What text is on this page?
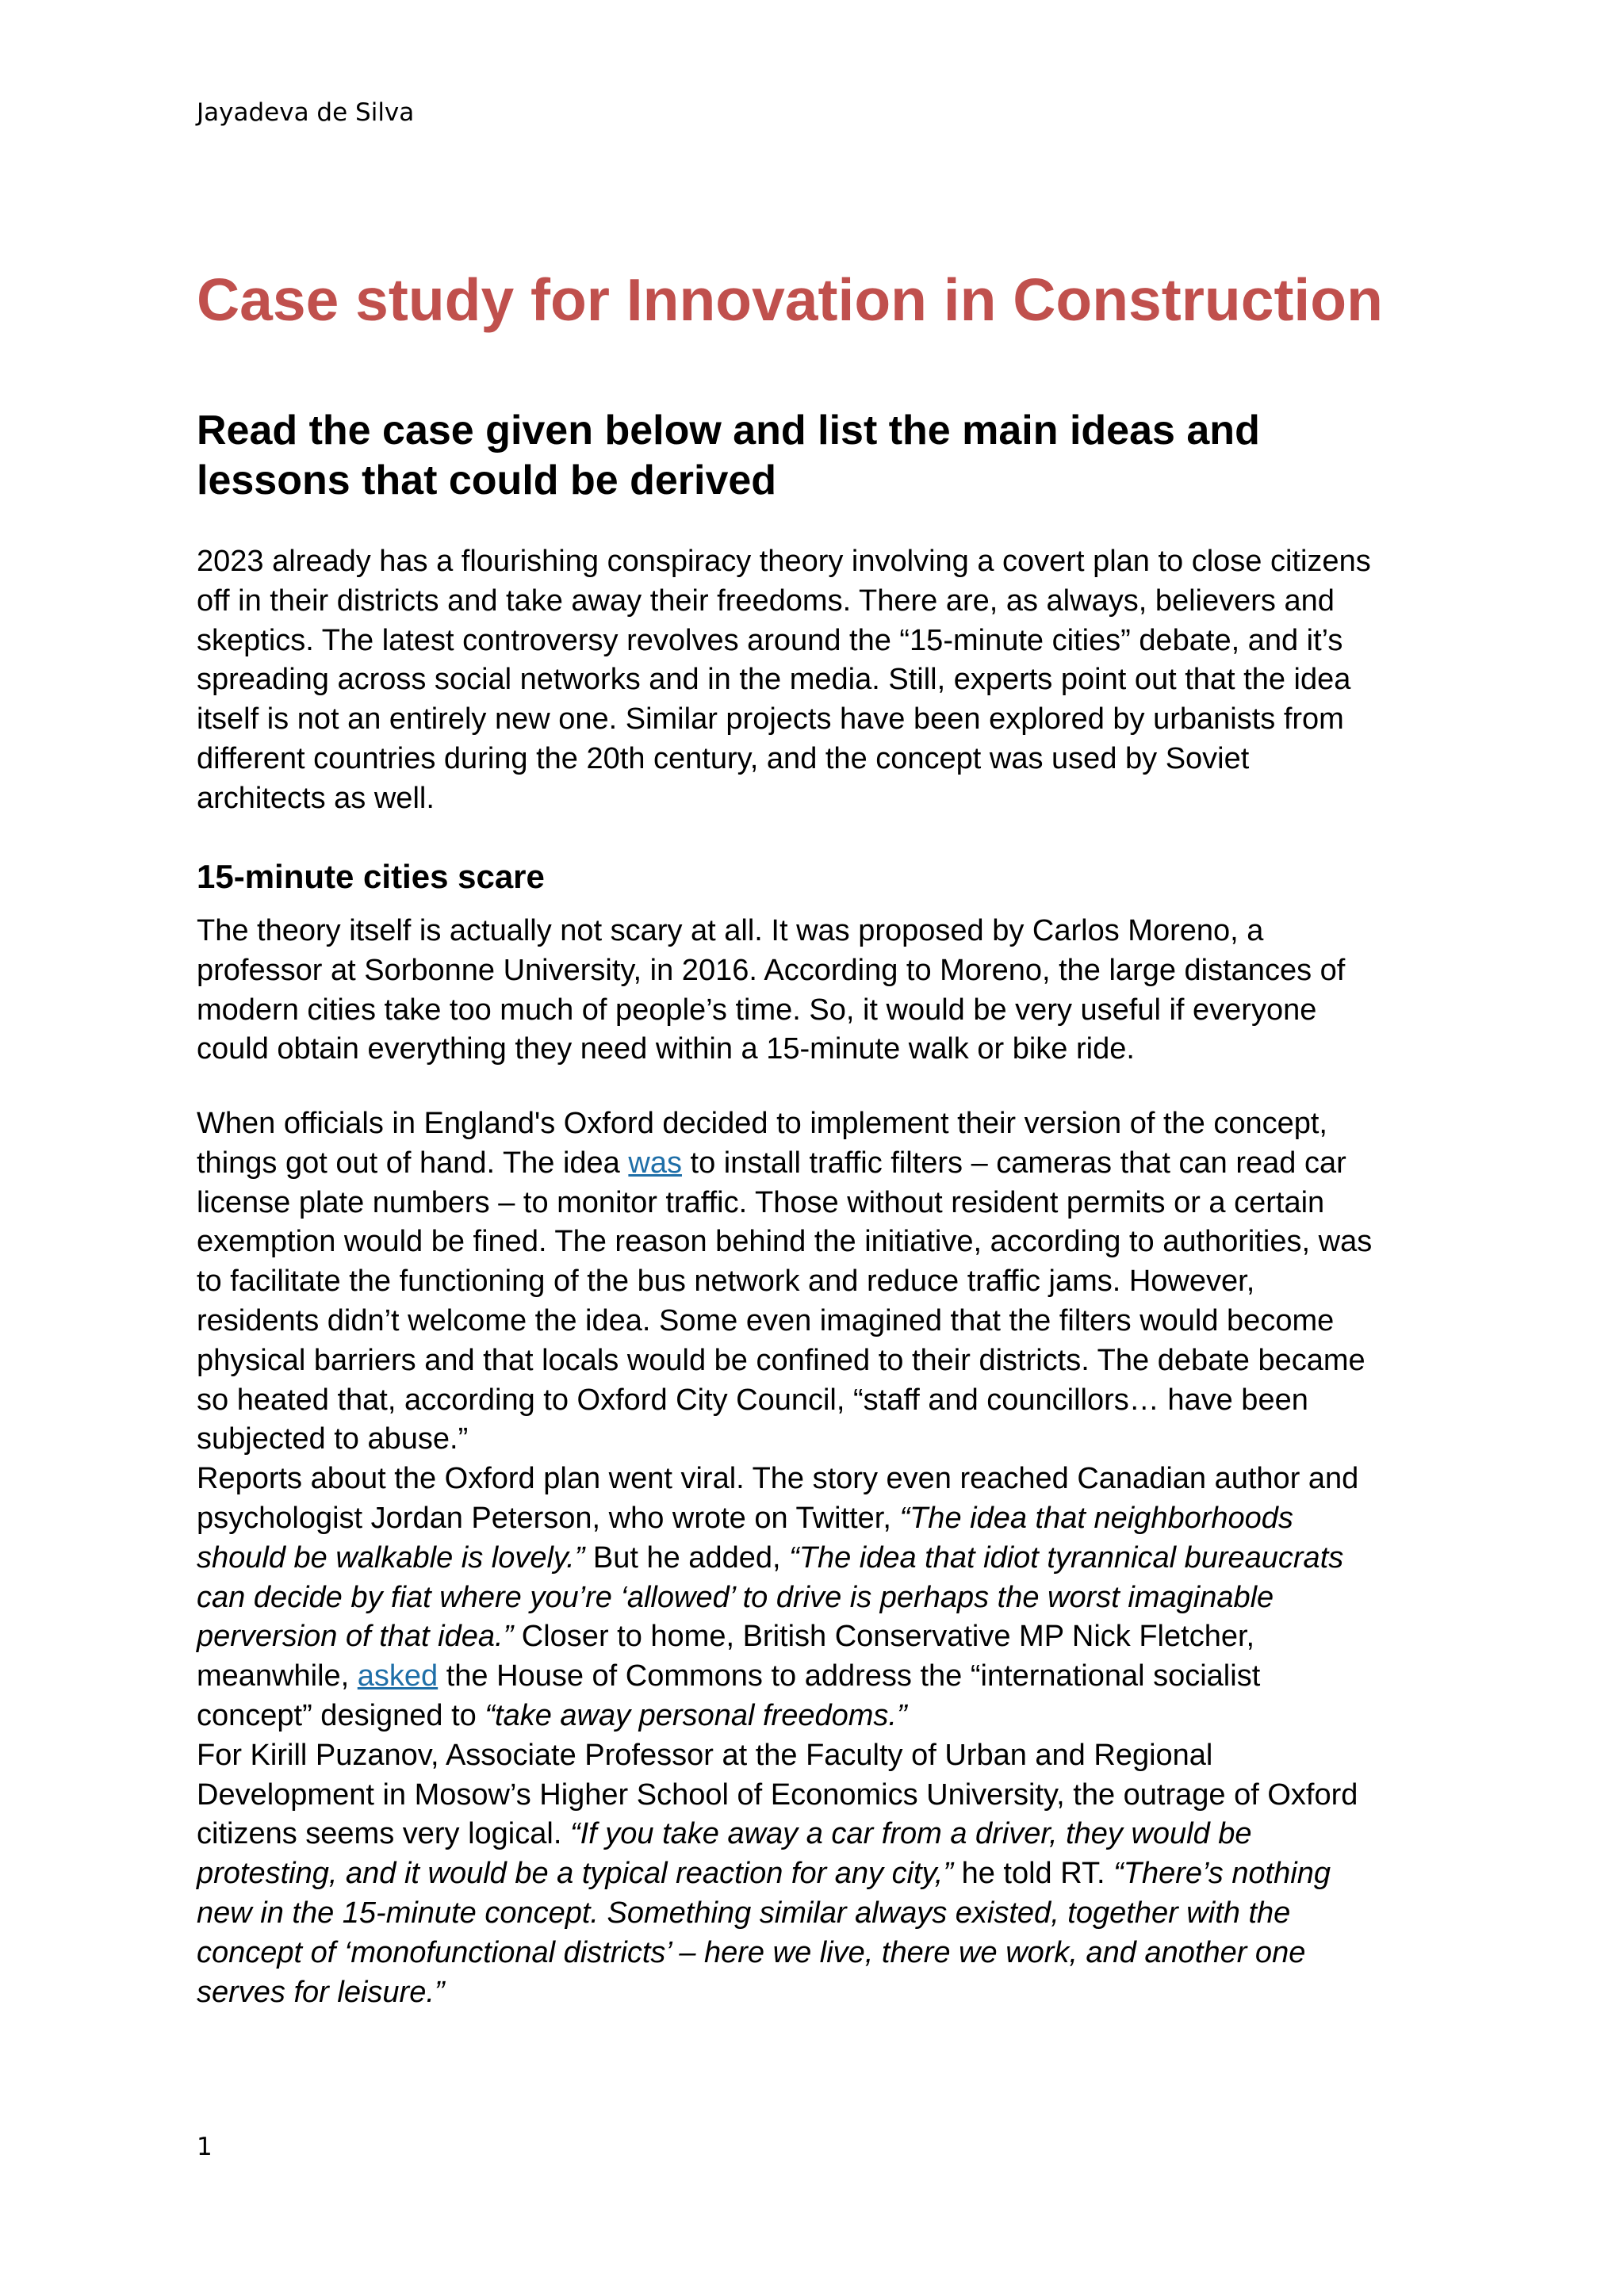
Jayadeva de Silva
Case study for Innovation in Construction
Read the case given below and list the main ideas and
lessons that could be derived

2023 already has a flourishing conspiracy theory involving a covert plan to close citizens
off in their districts and take away their freedoms. There are, as always, believers and
skeptics. The latest controversy revolves around the “15-minute cities” debate, and it’s
spreading across social networks and in the media. Still, experts point out that the idea
itself is not an entirely new one. Similar projects have been explored by urbanists from
different countries during the 20th century, and the concept was used by Soviet
architects as well.

15-minute cities scare

The theory itself is actually not scary at all. It was proposed by Carlos Moreno, a
professor at Sorbonne University, in 2016. According to Moreno, the large distances of
modern cities take too much of people’s time. So, it would be very useful if everyone
could obtain everything they need within a 15-minute walk or bike ride.

When officials in England's Oxford decided to implement their version of the concept,
things got out of hand. The idea was to install traffic filters – cameras that can read car
license plate numbers – to monitor traffic. Those without resident permits or a certain
exemption would be fined. The reason behind the initiative, according to authorities, was
to facilitate the functioning of the bus network and reduce traffic jams. However,
residents didn’t welcome the idea. Some even imagined that the filters would become
physical barriers and that locals would be confined to their districts. The debate became
so heated that, according to Oxford City Council, “staff and councillors… have been
subjected to abuse.”
Reports about the Oxford plan went viral. The story even reached Canadian author and
psychologist Jordan Peterson, who wrote on Twitter, “The idea that neighborhoods
should be walkable is lovely.” But he added, “The idea that idiot tyrannical bureaucrats
can decide by fiat where you’re ‘allowed’ to drive is perhaps the worst imaginable
perversion of that idea.” Closer to home, British Conservative MP Nick Fletcher,
meanwhile, asked the House of Commons to address the “international socialist
concept” designed to “take away personal freedoms.”
For Kirill Puzanov, Associate Professor at the Faculty of Urban and Regional
Development in Mosow’s Higher School of Economics University, the outrage of Oxford
citizens seems very logical. “If you take away a car from a driver, they would be
protesting, and it would be a typical reaction for any city,” he told RT. “There’s nothing
new in the 15-minute concept. Something similar always existed, together with the
concept of ‘monofunctional districts’ – here we live, there we work, and another one
serves for leisure.”

1
